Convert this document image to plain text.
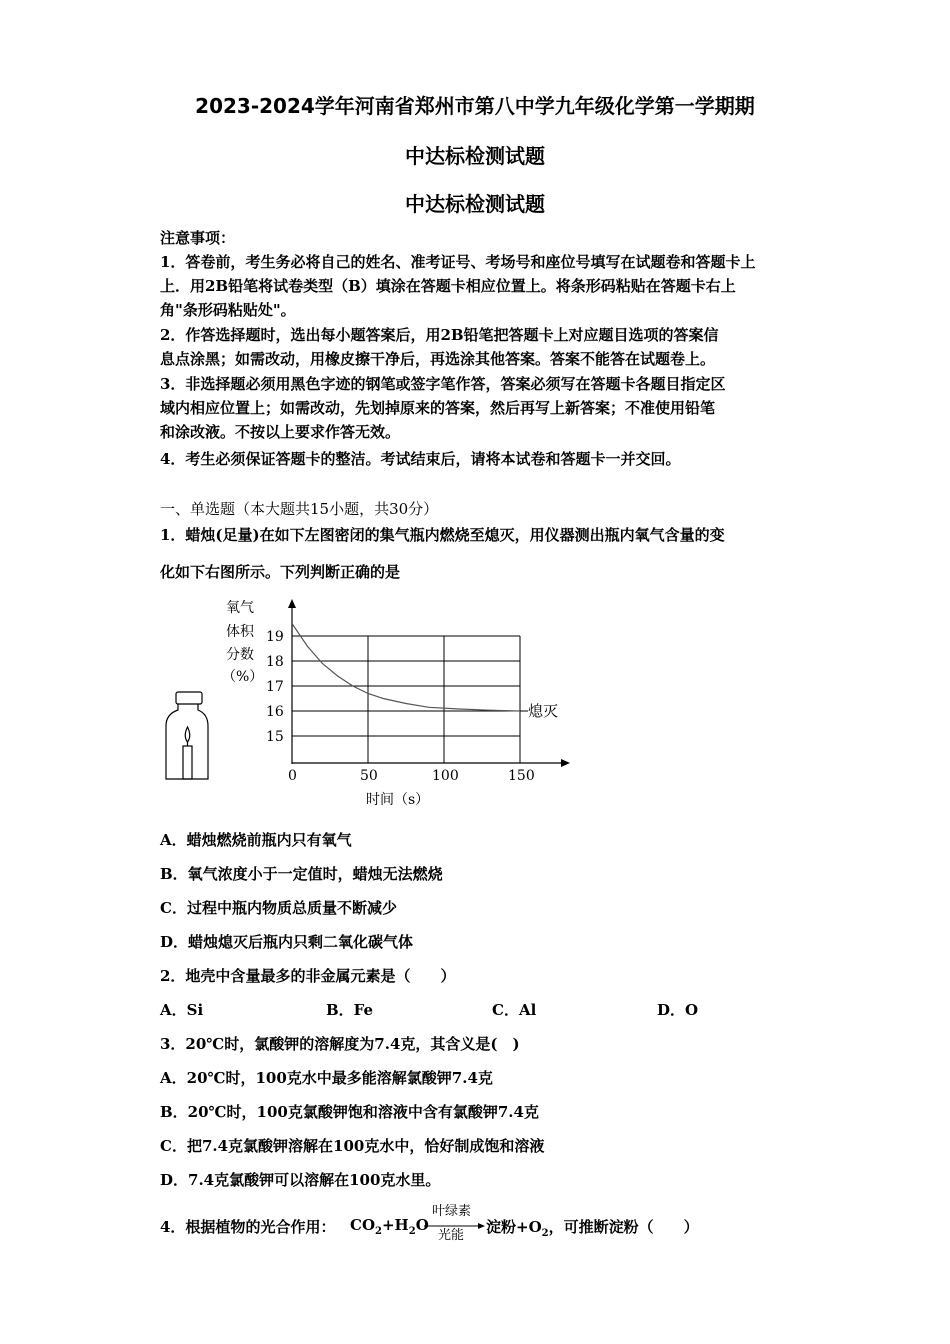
2023-2024学年河南省郑州市第八中学九年级化学第一学期期
中达标检测试题
中达标检测试题
注意事项：
1．答卷前，考生务必将自己的姓名、准考证号、考场号和座位号填写在试题卷和答题卡上
上．用2B铅笔将试卷类型（B）填涂在答题卡相应位置上。将条形码粘贴在答题卡右上
角"条形码粘贴处"。
2．作答选择题时，选出每小题答案后，用2B铅笔把答题卡上对应题目选项的答案信
息点涂黑；如需改动，用橡皮擦干净后，再选涂其他答案。答案不能答在试题卷上。
3．非选择题必须用黑色字迹的钢笔或签字笔作答，答案必须写在答题卡各题目指定区
域内相应位置上；如需改动，先划掉原来的答案，然后再写上新答案；不准使用铅笔
和涂改液。不按以上要求作答无效。
4．考生必须保证答题卡的整洁。考试结束后，请将本试卷和答题卡一并交回。
一、单选题（本大题共15小题，共30分）
1．蜡烛(足量)在如下左图密闭的集气瓶内燃烧至熄灭，用仪器测出瓶内氧气含量的变
化如下右图所示。下列判断正确的是
熄灭
氧气
体积
分数
（%）
15
16
17
18
19
0	50	100	150
时间（s）
A．蜡烛燃烧前瓶内只有氧气
B．氧气浓度小于一定值时，蜡烛无法燃烧
C．过程中瓶内物质总质量不断减少
D．蜡烛熄灭后瓶内只剩二氧化碳气体
2．地壳中含量最多的非金属元素是（　　）
A．Si	B．Fe	C．Al	D．O
3．20℃时，氯酸钾的溶解度为7.4克，其含义是(　)
A．20℃时，100克水中最多能溶解氯酸钾7.4克
B．20℃时，100克氯酸钾饱和溶液中含有氯酸钾7.4克
C．把7.4克氯酸钾溶解在100克水中，恰好制成饱和溶液
D．7.4克氯酸钾可以溶解在100克水里。
4．根据植物的光合作用： $CO_2+H_2O$
叶绿素
光能 淀粉$+O_2$，可推断淀粉（　　）
